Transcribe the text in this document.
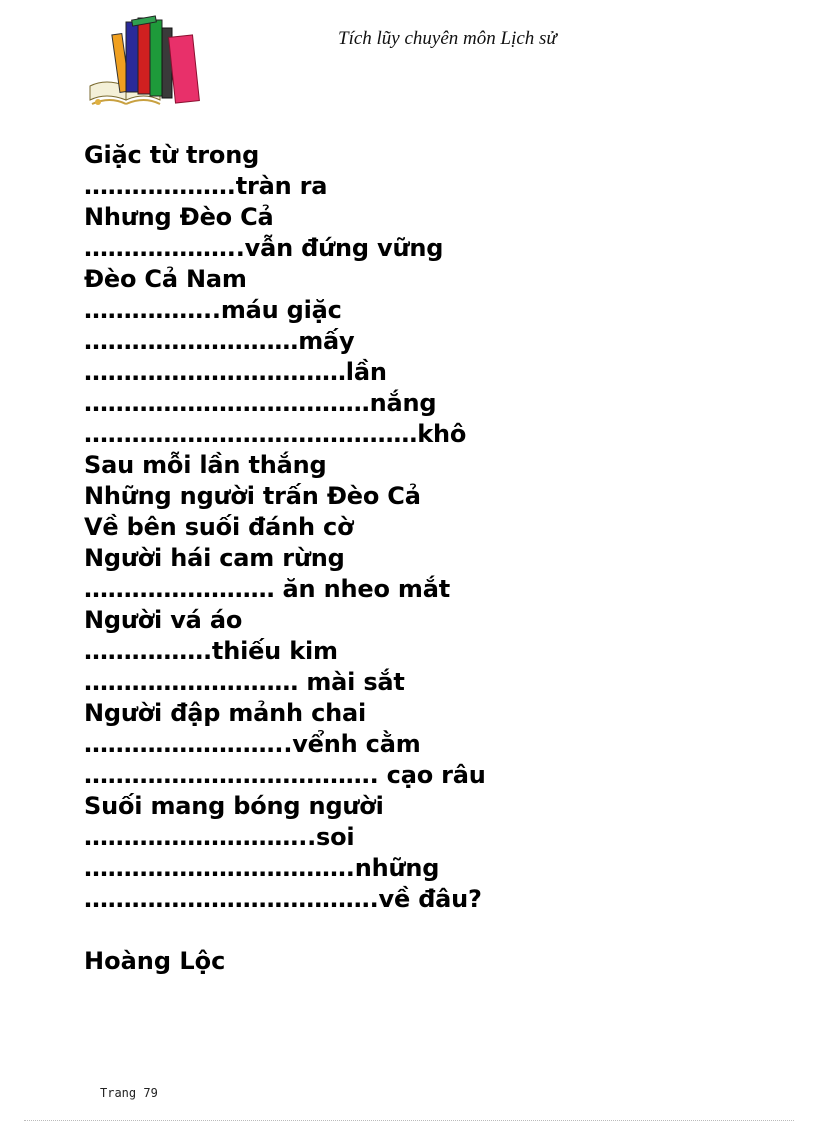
Tích lũy chuyên môn Lịch sử
Giặc từ trong
……………….tràn ra
Nhưng Đèo Cả
………………..vẫn đứng vững
Đèo Cả Nam
……………..máu giặc
………………………mấy
……………………………lần
………………………………nắng
……………………………………khô
Sau mỗi lần thắng
Những người trấn Đèo Cả
Về bên suối đánh cờ
Người hái cam rừng
…………………… ăn nheo mắt
Người vá áo
…………….thiếu kim
……………………… mài sắt
Người đập mảnh chai
……………………..vểnh cằm
………………………………. cạo râu
Suối mang bóng người
………………………..soi
…………………………….những
……………………………….về đâu?
Hoàng Lộc
Trang 79
